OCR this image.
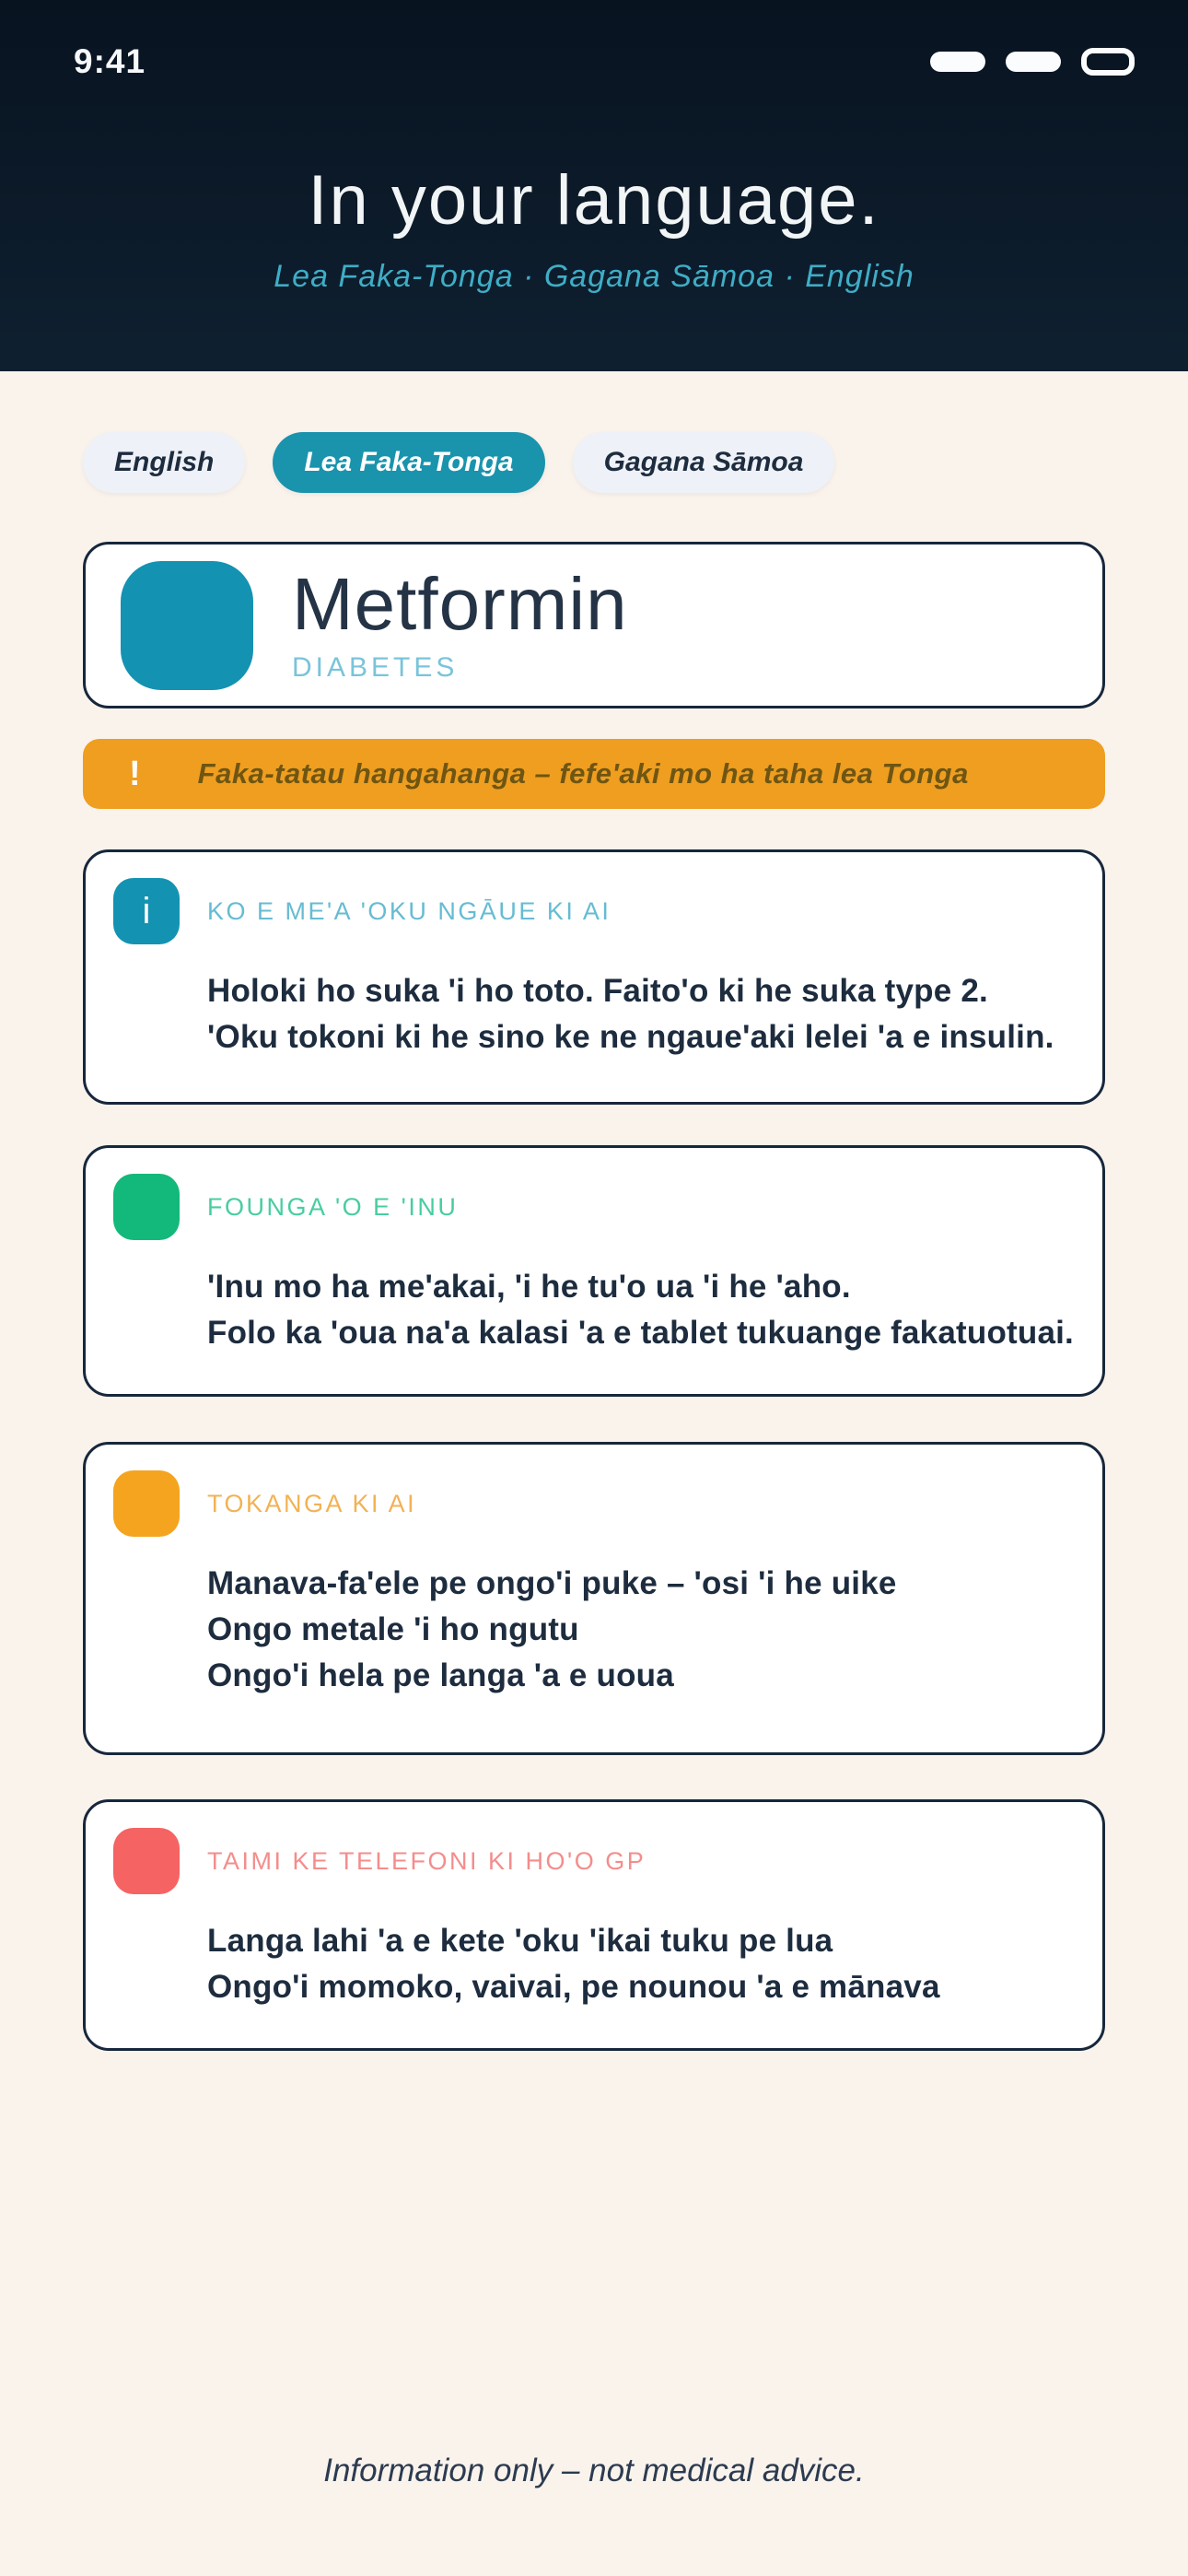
9:41
In your language.
Lea Faka-Tonga · Gagana Sāmoa · English
English	Lea Faka-Tonga	Gagana Sāmoa
Metformin
DIABETES
! Faka-tatau hangahanga – fefe'aki mo ha taha lea Tonga
i	KO E ME'A 'OKU NGĀUE KI AI
Holoki ho suka 'i ho toto. Faito'o ki he suka type 2.
'Oku tokoni ki he sino ke ne ngaue'aki lelei 'a e insulin.
FOUNGA 'O E 'INU
'Inu mo ha me'akai, 'i he tu'o ua 'i he 'aho.
Folo ka 'oua na'a kalasi 'a e tablet tukuange fakatuotuai.
TOKANGA KI AI
Manava-fa'ele pe ongo'i puke – 'osi 'i he uike
Ongo metale 'i ho ngutu
Ongo'i hela pe langa 'a e uoua
TAIMI KE TELEFONI KI HO'O GP
Langa lahi 'a e kete 'oku 'ikai tuku pe lua
Ongo'i momoko, vaivai, pe nounou 'a e mānava
Information only – not medical advice.
